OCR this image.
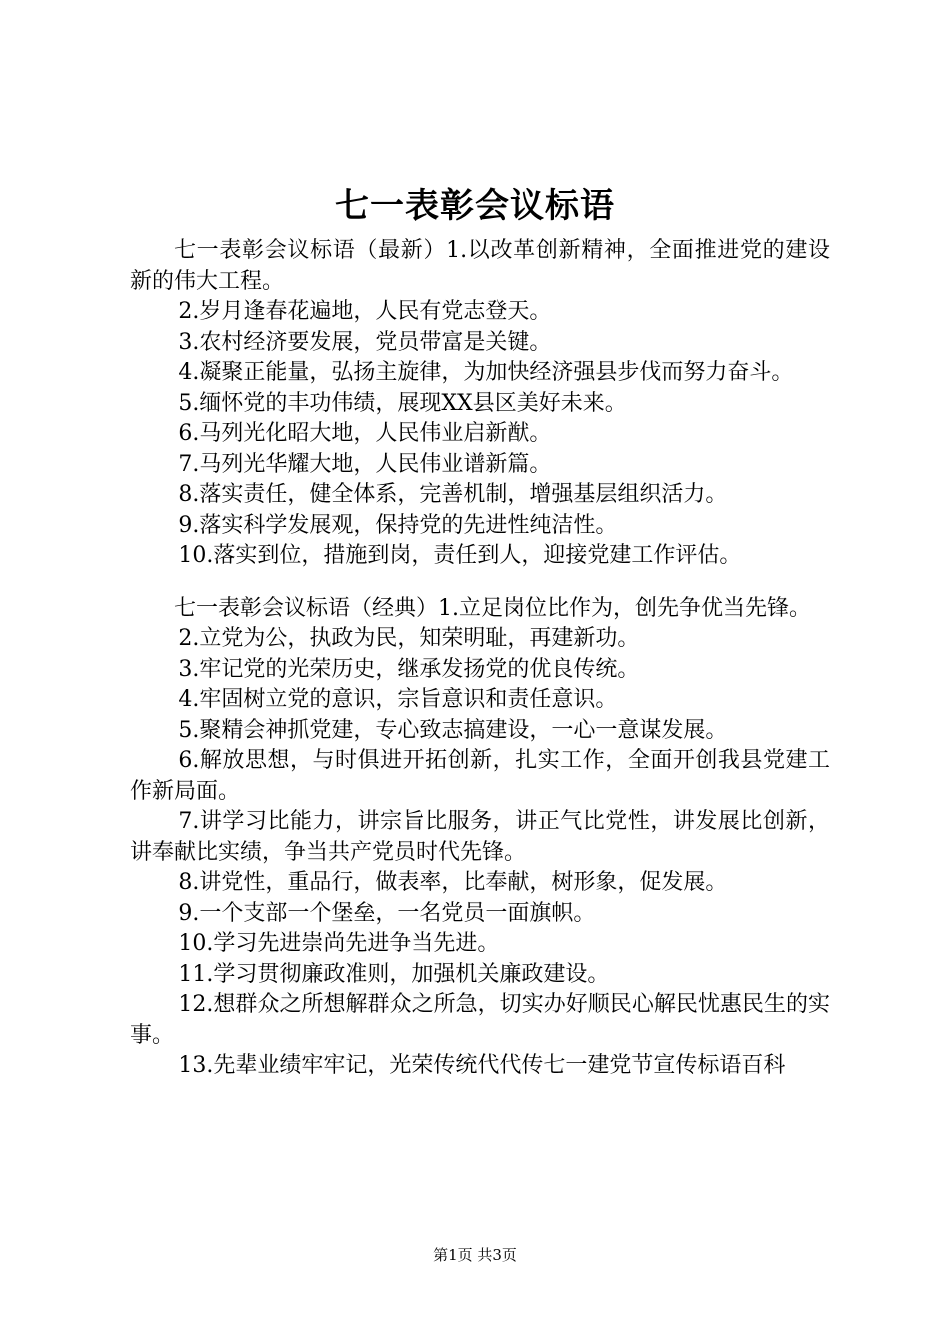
七一表彰会议标语

七一表彰会议标语（最新）1.以改革创新精神，全面推进党的建设新的伟大工程。

2.岁月逢春花遍地，人民有党志登天。

3.农村经济要发展，党员带富是关键。

4.凝聚正能量，弘扬主旋律，为加快经济强县步伐而努力奋斗。

5.缅怀党的丰功伟绩，展现XX县区美好未来。

6.马列光化昭大地，人民伟业启新猷。

7.马列光华耀大地，人民伟业谱新篇。

8.落实责任，健全体系，完善机制，增强基层组织活力。

9.落实科学发展观，保持党的先进性纯洁性。

10.落实到位，措施到岗，责任到人，迎接党建工作评估。

七一表彰会议标语（经典）1.立足岗位比作为，创先争优当先锋。

2.立党为公，执政为民，知荣明耻，再建新功。

3.牢记党的光荣历史，继承发扬党的优良传统。

4.牢固树立党的意识，宗旨意识和责任意识。

5.聚精会神抓党建，专心致志搞建设，一心一意谋发展。

6.解放思想，与时俱进开拓创新，扎实工作，全面开创我县党建工作新局面。

7.讲学习比能力，讲宗旨比服务，讲正气比党性，讲发展比创新，讲奉献比实绩，争当共产党员时代先锋。

8.讲党性，重品行，做表率，比奉献，树形象，促发展。

9.一个支部一个堡垒，一名党员一面旗帜。

10.学习先进崇尚先进争当先进。

11.学习贯彻廉政准则，加强机关廉政建设。

12.想群众之所想解群众之所急，切实办好顺民心解民忧惠民生的实事。

13.先辈业绩牢牢记，光荣传统代代传七一建党节宣传标语百科

第1页 共3页
